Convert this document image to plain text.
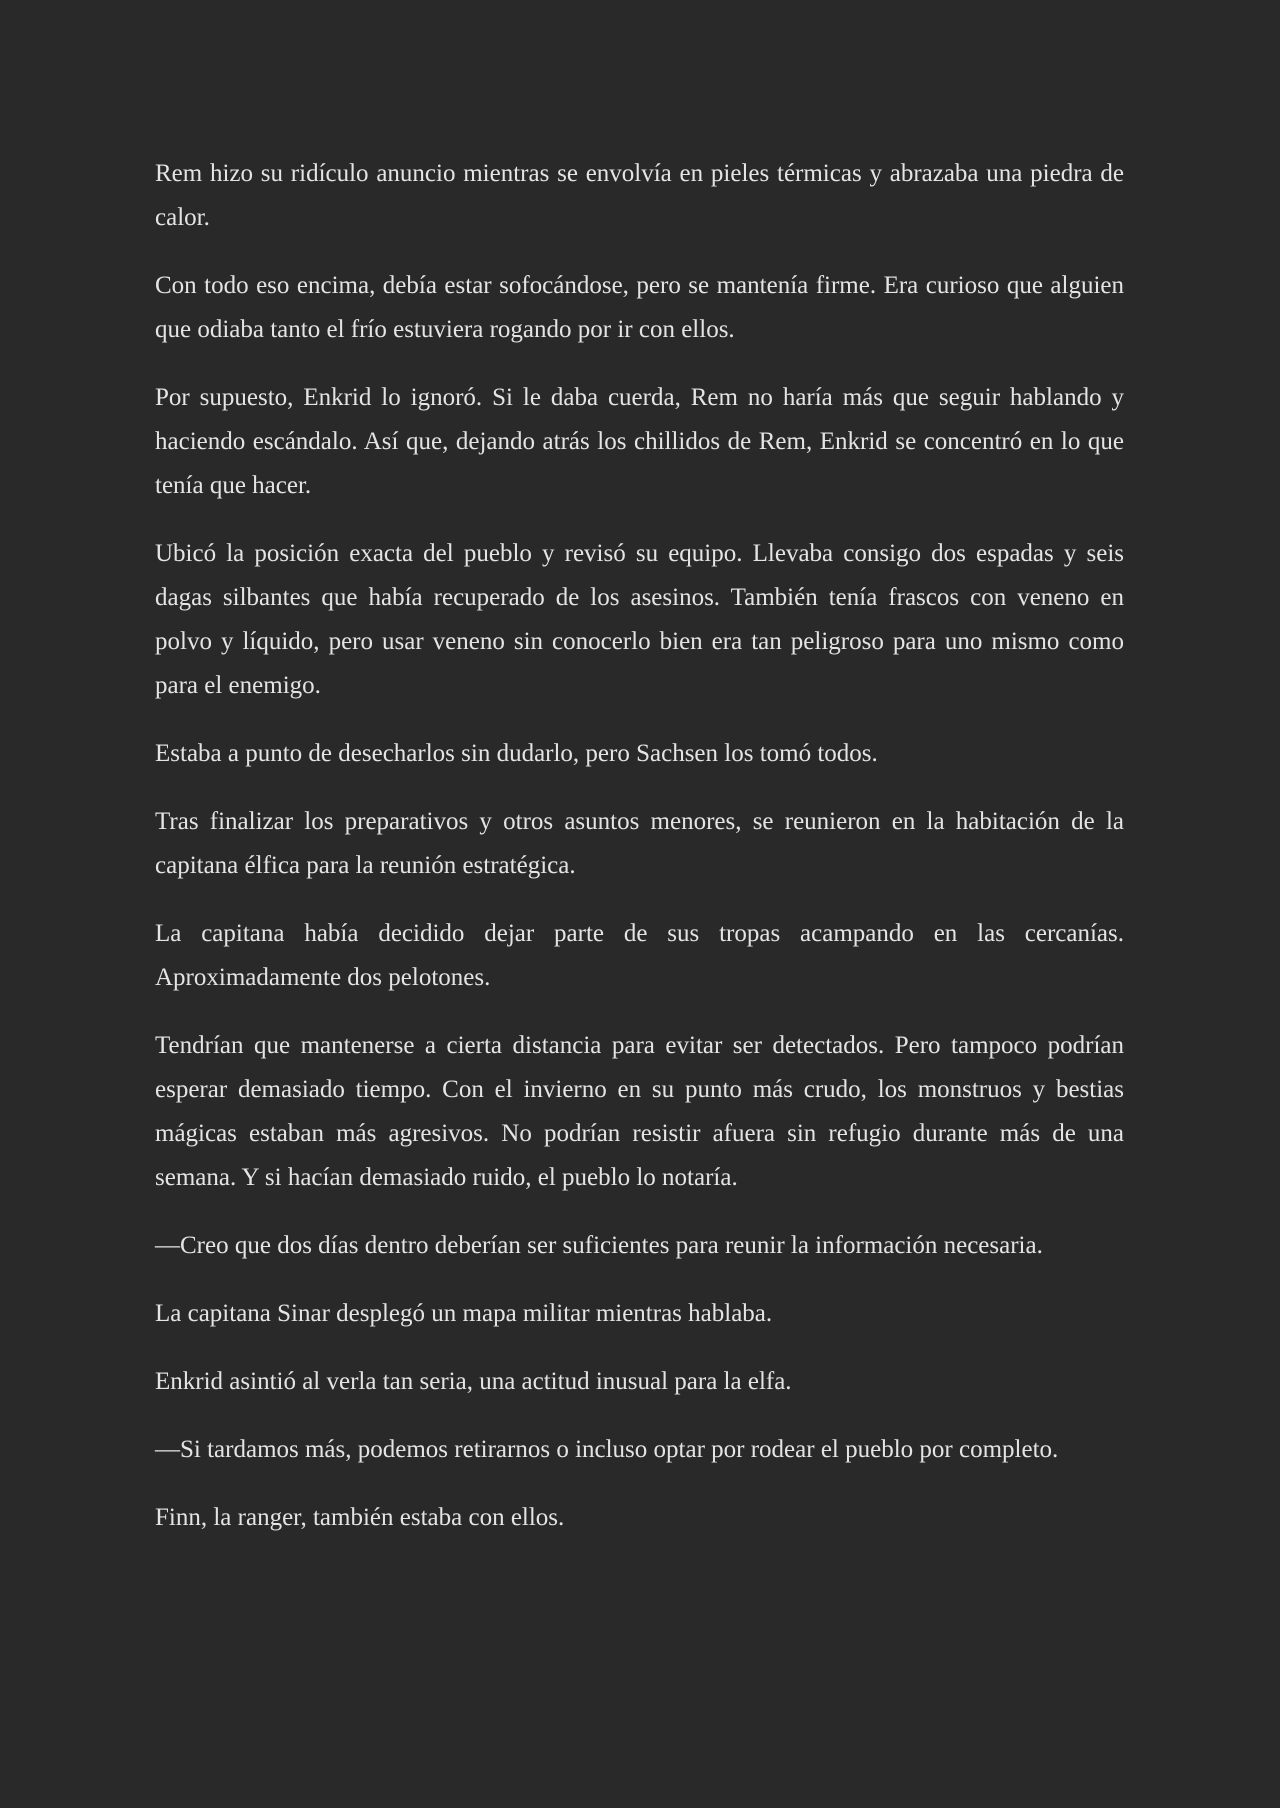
Rem hizo su ridículo anuncio mientras se envolvía en pieles térmicas y abrazaba una piedra de calor.

Con todo eso encima, debía estar sofocándose, pero se mantenía firme. Era curioso que alguien que odiaba tanto el frío estuviera rogando por ir con ellos.

Por supuesto, Enkrid lo ignoró. Si le daba cuerda, Rem no haría más que seguir hablando y haciendo escándalo. Así que, dejando atrás los chillidos de Rem, Enkrid se concentró en lo que tenía que hacer.

Ubicó la posición exacta del pueblo y revisó su equipo. Llevaba consigo dos espadas y seis dagas silbantes que había recuperado de los asesinos. También tenía frascos con veneno en polvo y líquido, pero usar veneno sin conocerlo bien era tan peligroso para uno mismo como para el enemigo.

Estaba a punto de desecharlos sin dudarlo, pero Sachsen los tomó todos.

Tras finalizar los preparativos y otros asuntos menores, se reunieron en la habitación de la capitana élfica para la reunión estratégica.

La capitana había decidido dejar parte de sus tropas acampando en las cercanías. Aproximadamente dos pelotones.

Tendrían que mantenerse a cierta distancia para evitar ser detectados. Pero tampoco podrían esperar demasiado tiempo. Con el invierno en su punto más crudo, los monstruos y bestias mágicas estaban más agresivos. No podrían resistir afuera sin refugio durante más de una semana. Y si hacían demasiado ruido, el pueblo lo notaría.

—Creo que dos días dentro deberían ser suficientes para reunir la información necesaria.

La capitana Sinar desplegó un mapa militar mientras hablaba.

Enkrid asintió al verla tan seria, una actitud inusual para la elfa.

—Si tardamos más, podemos retirarnos o incluso optar por rodear el pueblo por completo.

Finn, la ranger, también estaba con ellos.
